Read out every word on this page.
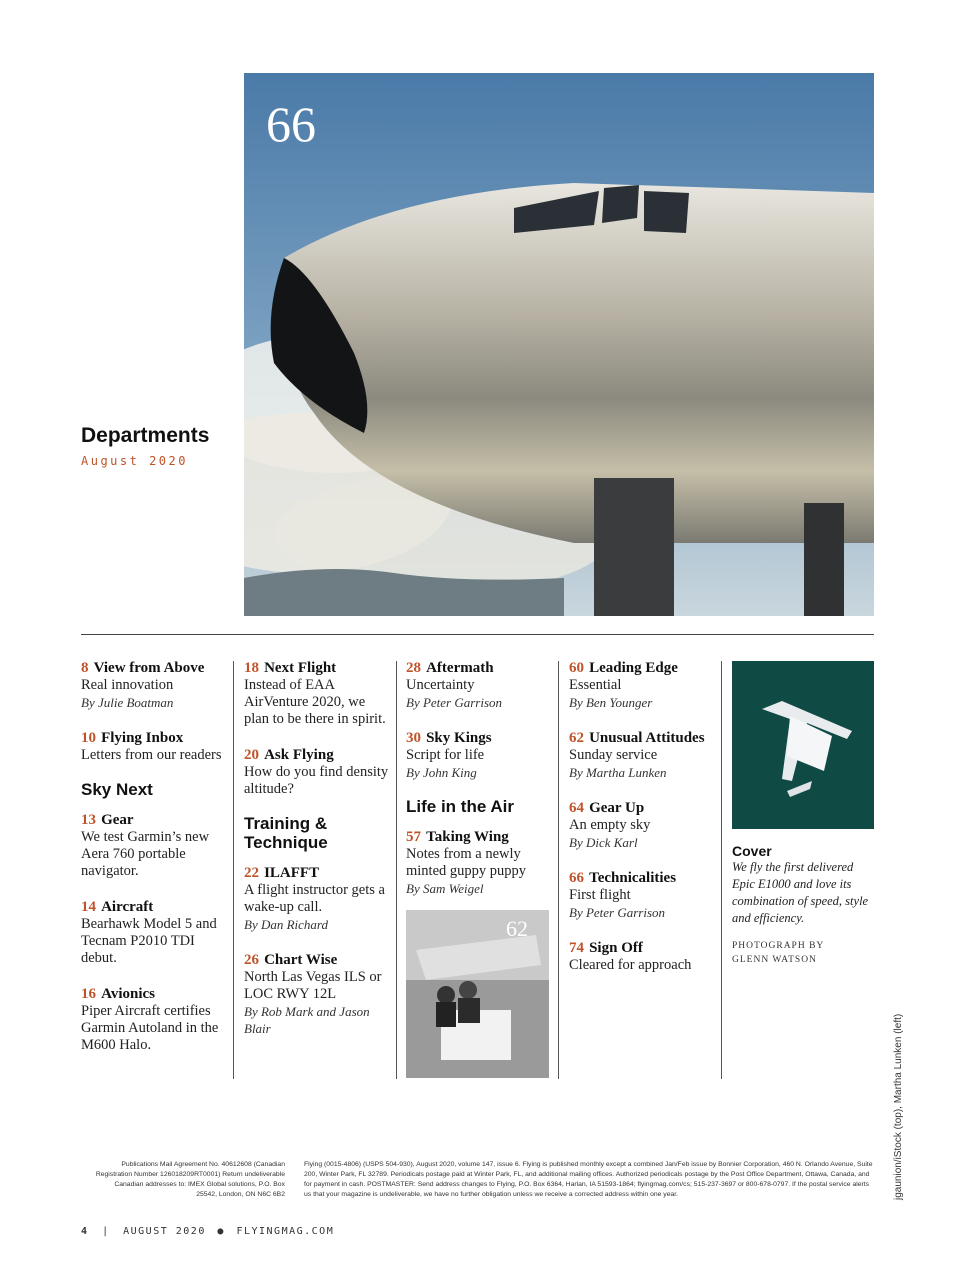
66
Departments
August 2020
8 View from Above
Real innovation
By Julie Boatman
10 Flying Inbox
Letters from our readers
Sky Next
13 Gear
We test Garmin’s new Aera 760 portable navigator.
14 Aircraft
Bearhawk Model 5 and Tecnam P2010 TDI debut.
16 Avionics
Piper Aircraft certifies Garmin Autoland in the M600 Halo.
18 Next Flight
Instead of EAA AirVenture 2020, we plan to be there in spirit.
20 Ask Flying
How do you find density altitude?
Training & Technique
22 ILAFFT
A flight instructor gets a wake-up call.
By Dan Richard
26 Chart Wise
North Las Vegas ILS or LOC RWY 12L
By Rob Mark and Jason Blair
28 Aftermath
Uncertainty
By Peter Garrison
30 Sky Kings
Script for life
By John King
Life in the Air
57 Taking Wing
Notes from a newly minted guppy puppy
By Sam Weigel
62
60 Leading Edge
Essential
By Ben Younger
62 Unusual Attitudes
Sunday service
By Martha Lunken
64 Gear Up
An empty sky
By Dick Karl
66 Technicalities
First flight
By Peter Garrison
74 Sign Off
Cleared for approach
Cover
We fly the first delivered Epic E1000 and love its combination of speed, style and efficiency.
PHOTOGRAPH BY
GLENN WATSON
Publications Mail Agreement No. 40612608 (Canadian Registration Number 126018209RT0001) Return undeliverable Canadian addresses to: IMEX Global solutions, P.O. Box 25542, London, ON N6C 6B2
Flying (0015-4806) (USPS 504-930), August 2020, volume 147, issue 6. Flying is published monthly except a combined Jan/Feb issue by Bonnier Corporation, 460 N. Orlando Avenue, Suite 200, Winter Park, FL 32789. Periodicals postage paid at Winter Park, FL, and additional mailing offices. Authorized periodicals postage by the Post Office Department, Ottawa, Canada, and for payment in cash. POSTMASTER: Send address changes to Flying, P.O. Box 6364, Harlan, IA 51593-1864; flyingmag.com/cs; 515-237-3697 or 800-678-0797. If the postal service alerts us that your magazine is undeliverable, we have no further obligation unless we receive a corrected address within one year.
4 | AUGUST 2020 ● FLYINGMAG.COM
jgaunion/iStock (top), Martha Lunken (left)
